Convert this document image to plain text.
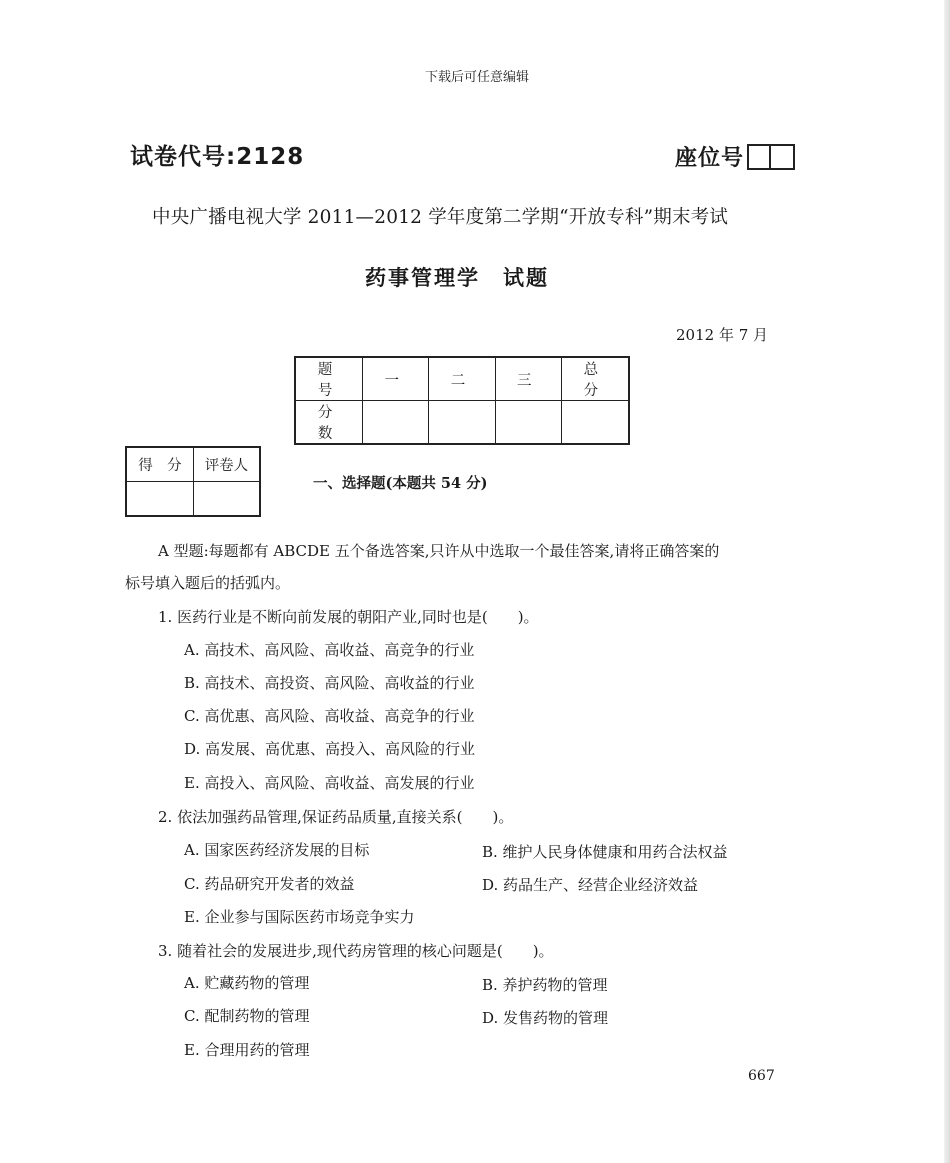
下载后可任意编辑
试卷代号:2128	座位号
中央广播电视大学 2011—2012 学年度第二学期“开放专科”期末考试
药事管理学　试题
2012 年 7 月
题　号	一	二	三	总　分
分　数				
得　分	评卷人

一、选择题(本题共 54 分)
A 型题:每题都有 ABCDE 五个备选答案,只许从中选取一个最佳答案,请将正确答案的
标号填入题后的括弧内。
1. 医药行业是不断向前发展的朝阳产业,同时也是(　　)。
A. 高技术、高风险、高收益、高竞争的行业
B. 高技术、高投资、高风险、高收益的行业
C. 高优惠、高风险、高收益、高竞争的行业
D. 高发展、高优惠、高投入、高风险的行业
E. 高投入、高风险、高收益、高发展的行业
2. 依法加强药品管理,保证药品质量,直接关系(　　)。
A. 国家医药经济发展的目标	B. 维护人民身体健康和用药合法权益
C. 药品研究开发者的效益	D. 药品生产、经营企业经济效益
E. 企业参与国际医药市场竞争实力
3. 随着社会的发展进步,现代药房管理的核心问题是(　　)。
A. 贮藏药物的管理	B. 养护药物的管理
C. 配制药物的管理	D. 发售药物的管理
E. 合理用药的管理
667
